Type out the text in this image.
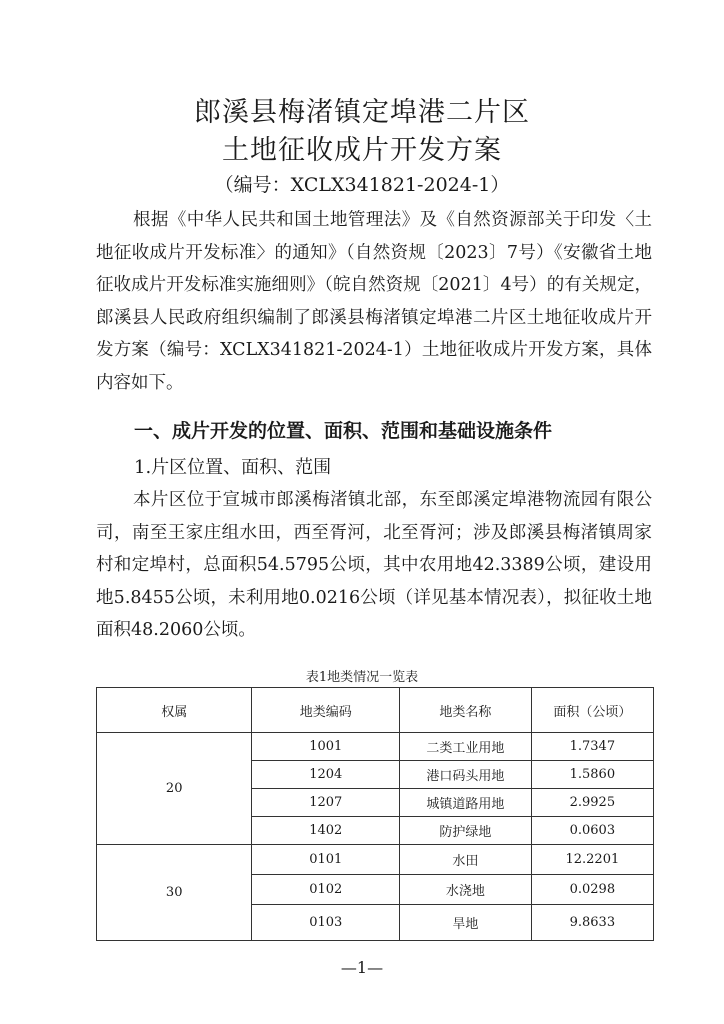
郎溪县梅渚镇定埠港二片区
土地征收成片开发方案
（编号：XCLX341821-2024-1）

根据《中华人民共和国土地管理法》及《自然资源部关于印发〈土地征收成片开发标准〉的通知》（自然资规〔2023〕7号）《安徽省土地征收成片开发标准实施细则》（皖自然资规〔2021〕4号）的有关规定，郎溪县人民政府组织编制了郎溪县梅渚镇定埠港二片区土地征收成片开发方案（编号：XCLX341821-2024-1）土地征收成片开发方案，具体内容如下。

一、成片开发的位置、面积、范围和基础设施条件
1.片区位置、面积、范围

本片区位于宣城市郎溪梅渚镇北部，东至郎溪定埠港物流园有限公司，南至王家庄组水田，西至胥河，北至胥河；涉及郎溪县梅渚镇周家村和定埠村，总面积54.5795公顷，其中农用地42.3389公顷，建设用地5.8455公顷，未利用地0.0216公顷（详见基本情况表），拟征收土地面积48.2060公顷。

表1地类情况一览表
权属	地类编码	地类名称	面积（公顷）
20	1001	二类工业用地	1.7347
	1204	港口码头用地	1.5860
	1207	城镇道路用地	2.9925
	1402	防护绿地	0.0603
30	0101	水田	12.2201
	0102	水浇地	0.0298
	0103	旱地	9.8633
—1—
